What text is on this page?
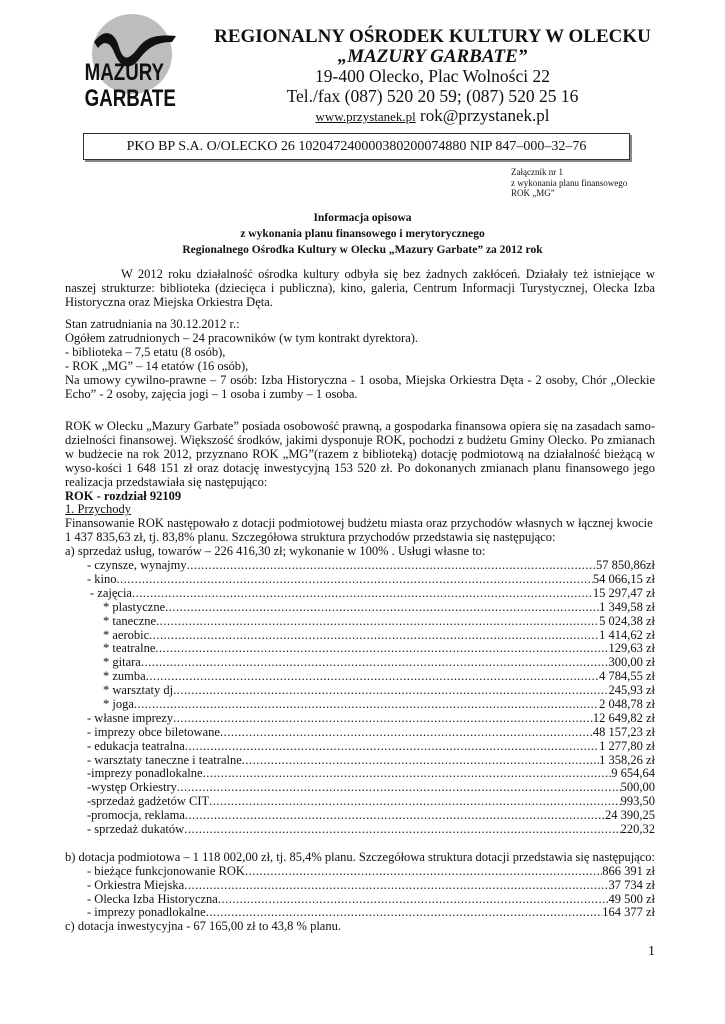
MAZURY
GARBATE
REGIONALNY OŚRODEK KULTURY W OLECKU
„MAZURY GARBATE”
19-400 Olecko, Plac Wolności 22
Tel./fax (087) 520 20 59; (087) 520 25 16
www.przystanek.pl rok@przystanek.pl
PKO BP S.A. O/OLECKO 26 102047240000380200074880 NIP 847–000–32–76
Załącznik nr 1
z wykonania planu finansowego
ROK „MG”
Informacja opisowa
z wykonania planu finansowego i merytorycznego
Regionalnego Ośrodka Kultury w Olecku „Mazury Garbate” za 2012 rok
W 2012 roku działalność ośrodka kultury odbyła się bez żadnych zakłóceń. Działały też istniejące w naszej strukturze: biblioteka (dziecięca i publiczna), kino, galeria, Centrum Informacji Turystycznej, Olecka Izba Historyczna oraz Miejska Orkiestra Dęta.
Stan zatrudniania na 30.12.2012 r.:
Ogółem zatrudnionych – 24 pracowników (w tym kontrakt dyrektora).
- biblioteka – 7,5 etatu (8 osób),
- ROK „MG” – 14 etatów (16 osób),
Na umowy cywilno-prawne – 7 osób: Izba Historyczna - 1 osoba, Miejska Orkiestra Dęta - 2 osoby, Chór „Oleckie Echo” - 2 osoby, zajęcia jogi – 1 osoba i zumby – 1 osoba.
ROK w Olecku „Mazury Garbate” posiada osobowość prawną, a gospodarka finansowa opiera się na zasadach samo-dzielności finansowej. Większość środków, jakimi dysponuje ROK, pochodzi z budżetu Gminy Olecko. Po zmianach w budżecie na rok 2012, przyznano ROK „MG”(razem z biblioteką) dotację podmiotową na działalność bieżącą w wyso-kości 1 648 151 zł oraz dotację inwestycyjną 153 520 zł. Po dokonanych zmianach planu finansowego jego realizacja przedstawiała się następująco:
ROK - rozdział 92109
1. Przychody
Finansowanie ROK następowało z dotacji podmiotowej budżetu miasta oraz przychodów własnych w łącznej kwocie 1 437 835,63 zł, tj. 83,8% planu. Szczegółowa struktura przychodów przedstawia się następująco:
a) sprzedaż usług, towarów – 226 416,30 zł; wykonanie w 100% . Usługi własne to:
- czynsze, wynajmy .....	57 850,86zł
- kino .....	54 066,15 zł
- zajęcia .....	15 297,47 zł
* plastyczne .....	1 349,58 zł
* taneczne .....	5 024,38 zł
* aerobic .....	1 414,62 zł
* teatralne .....	129,63 zł
* gitara .....	300,00 zł
* zumba .....	4 784,55 zł
* warsztaty dj .....	245,93 zł
* joga .....	2 048,78 zł
- własne imprezy .....	12 649,82 zł
- imprezy obce biletowane .....	48 157,23 zł
- edukacja teatralna .....	1 277,80 zł
- warsztaty taneczne i teatralne .....	1 358,26 zł
-imprezy ponadlokalne .....	9 654,64
-występ Orkiestry .....	500,00
-sprzedaż gadżetów CIT .....	993,50
-promocja, reklama .....	24 390,25
- sprzedaż dukatów .....	220,32
b) dotacja podmiotowa – 1 118 002,00 zł, tj. 85,4% planu. Szczegółowa struktura dotacji przedstawia się następująco:
- bieżące funkcjonowanie ROK .....	866 391 zł
- Orkiestra Miejska .....	37 734 zł
- Olecka Izba Historyczna .....	49 500 zł
- imprezy ponadlokalne .....	164 377 zł
c) dotacja inwestycyjna - 67 165,00 zł to 43,8 % planu.
1
